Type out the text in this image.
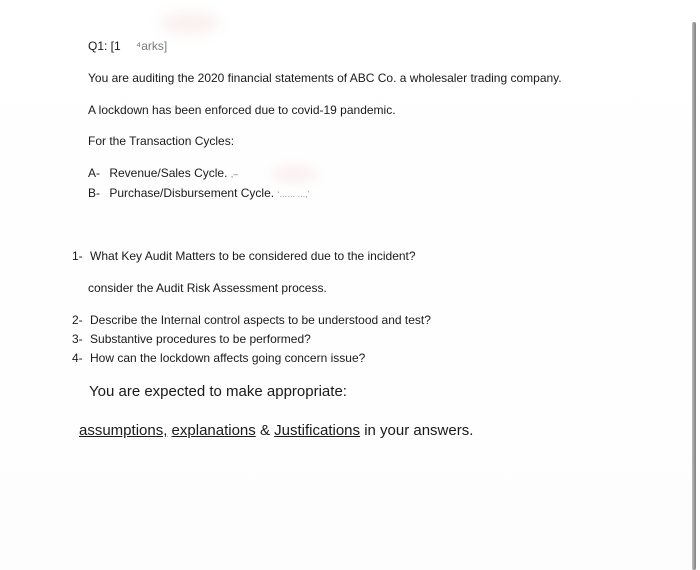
Q1: [1 ⁴arks]
You are auditing the 2020 financial statements of ABC Co. a wholesaler trading company.
A lockdown has been enforced due to covid-19 pandemic.
For the Transaction Cycles:
A- Revenue/Sales Cycle. ,–
B- Purchase/Disbursement Cycle. ʻ…… …,ʼ
1- What Key Audit Matters to be considered due to the incident?
consider the Audit Risk Assessment process.
2- Describe the Internal control aspects to be understood and test?
3- Substantive procedures to be performed?
4- How can the lockdown affects going concern issue?
You are expected to make appropriate:
assumptions, explanations & Justifications in your answers.
